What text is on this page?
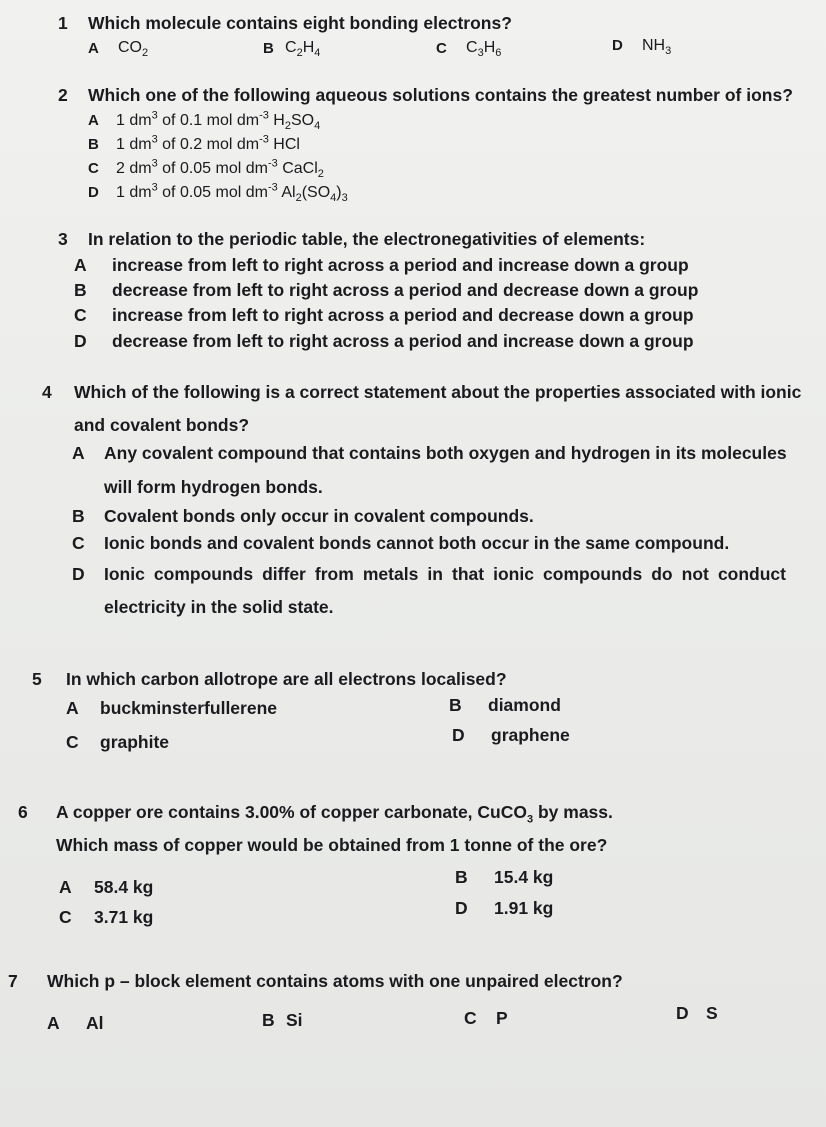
1 Which molecule contains eight bonding electrons?
A $CO_2$	B $C_2H_4$	C $C_3H_6$	D $NH_3$
2 Which one of the following aqueous solutions contains the greatest number of ions?
A 1 $dm^3$ of 0.1 mol $dm^{-3}$ $H_2SO_4$
B 1 $dm^3$ of 0.2 mol $dm^{-3}$ HCl
C 2 $dm^3$ of 0.05 mol $dm^{-3}$ CaCl$_2$
D 1 $dm^3$ of 0.05 mol $dm^{-3}$ $Al_2(SO_4)_3$
3 In relation to the periodic table, the electronegativities of elements:
A increase from left to right across a period and increase down a group
B decrease from left to right across a period and decrease down a group
C increase from left to right across a period and decrease down a group
D decrease from left to right across a period and increase down a group
4 Which of the following is a correct statement about the properties associated with ionic
and covalent bonds?
A Any covalent compound that contains both oxygen and hydrogen in its molecules
will form hydrogen bonds.
B Covalent bonds only occur in covalent compounds.
C Ionic bonds and covalent bonds cannot both occur in the same compound.
D Ionic compounds differ from metals in that ionic compounds do not conduct
electricity in the solid state.
5 In which carbon allotrope are all electrons localised?
A buckminsterfullerene	B diamond
C graphite	D graphene
6 A copper ore contains 3.00% of copper carbonate, CuCO$_3$ by mass.
Which mass of copper would be obtained from 1 tonne of the ore?
A 58.4 kg	B 15.4 kg
C 3.71 kg	D 1.91 kg
7 Which p – block element contains atoms with one unpaired electron?
A Al	B Si	C P	D S
